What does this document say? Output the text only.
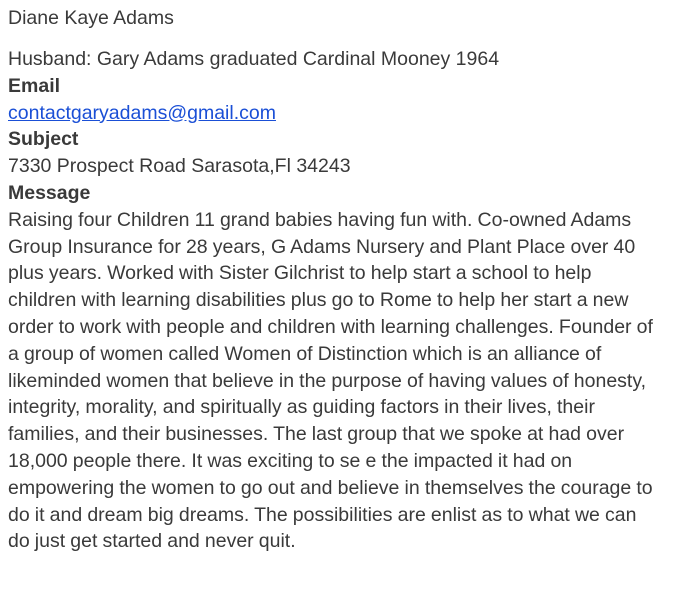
Diane Kaye Adams
Husband: Gary Adams graduated Cardinal Mooney 1964
Email
contactgaryadams@gmail.com
Subject
7330 Prospect Road Sarasota,Fl 34243
Message
Raising four Children 11 grand babies having fun with. Co-owned Adams
Group Insurance for 28 years, G Adams Nursery and Plant Place over 40
plus years. Worked with Sister Gilchrist to help start a school to help
children with learning disabilities plus go to Rome to help her start a new
order to work with people and children with learning challenges. Founder of
a group of women called Women of Distinction which is an alliance of
likeminded women that believe in the purpose of having values of honesty,
integrity, morality, and spiritually as guiding factors in their lives, their
families, and their businesses. The last group that we spoke at had over
18,000 people there. It was exciting to se e the impacted it had on
empowering the women to go out and believe in themselves the courage to
do it and dream big dreams. The possibilities are enlist as to what we can
do just get started and never quit.
